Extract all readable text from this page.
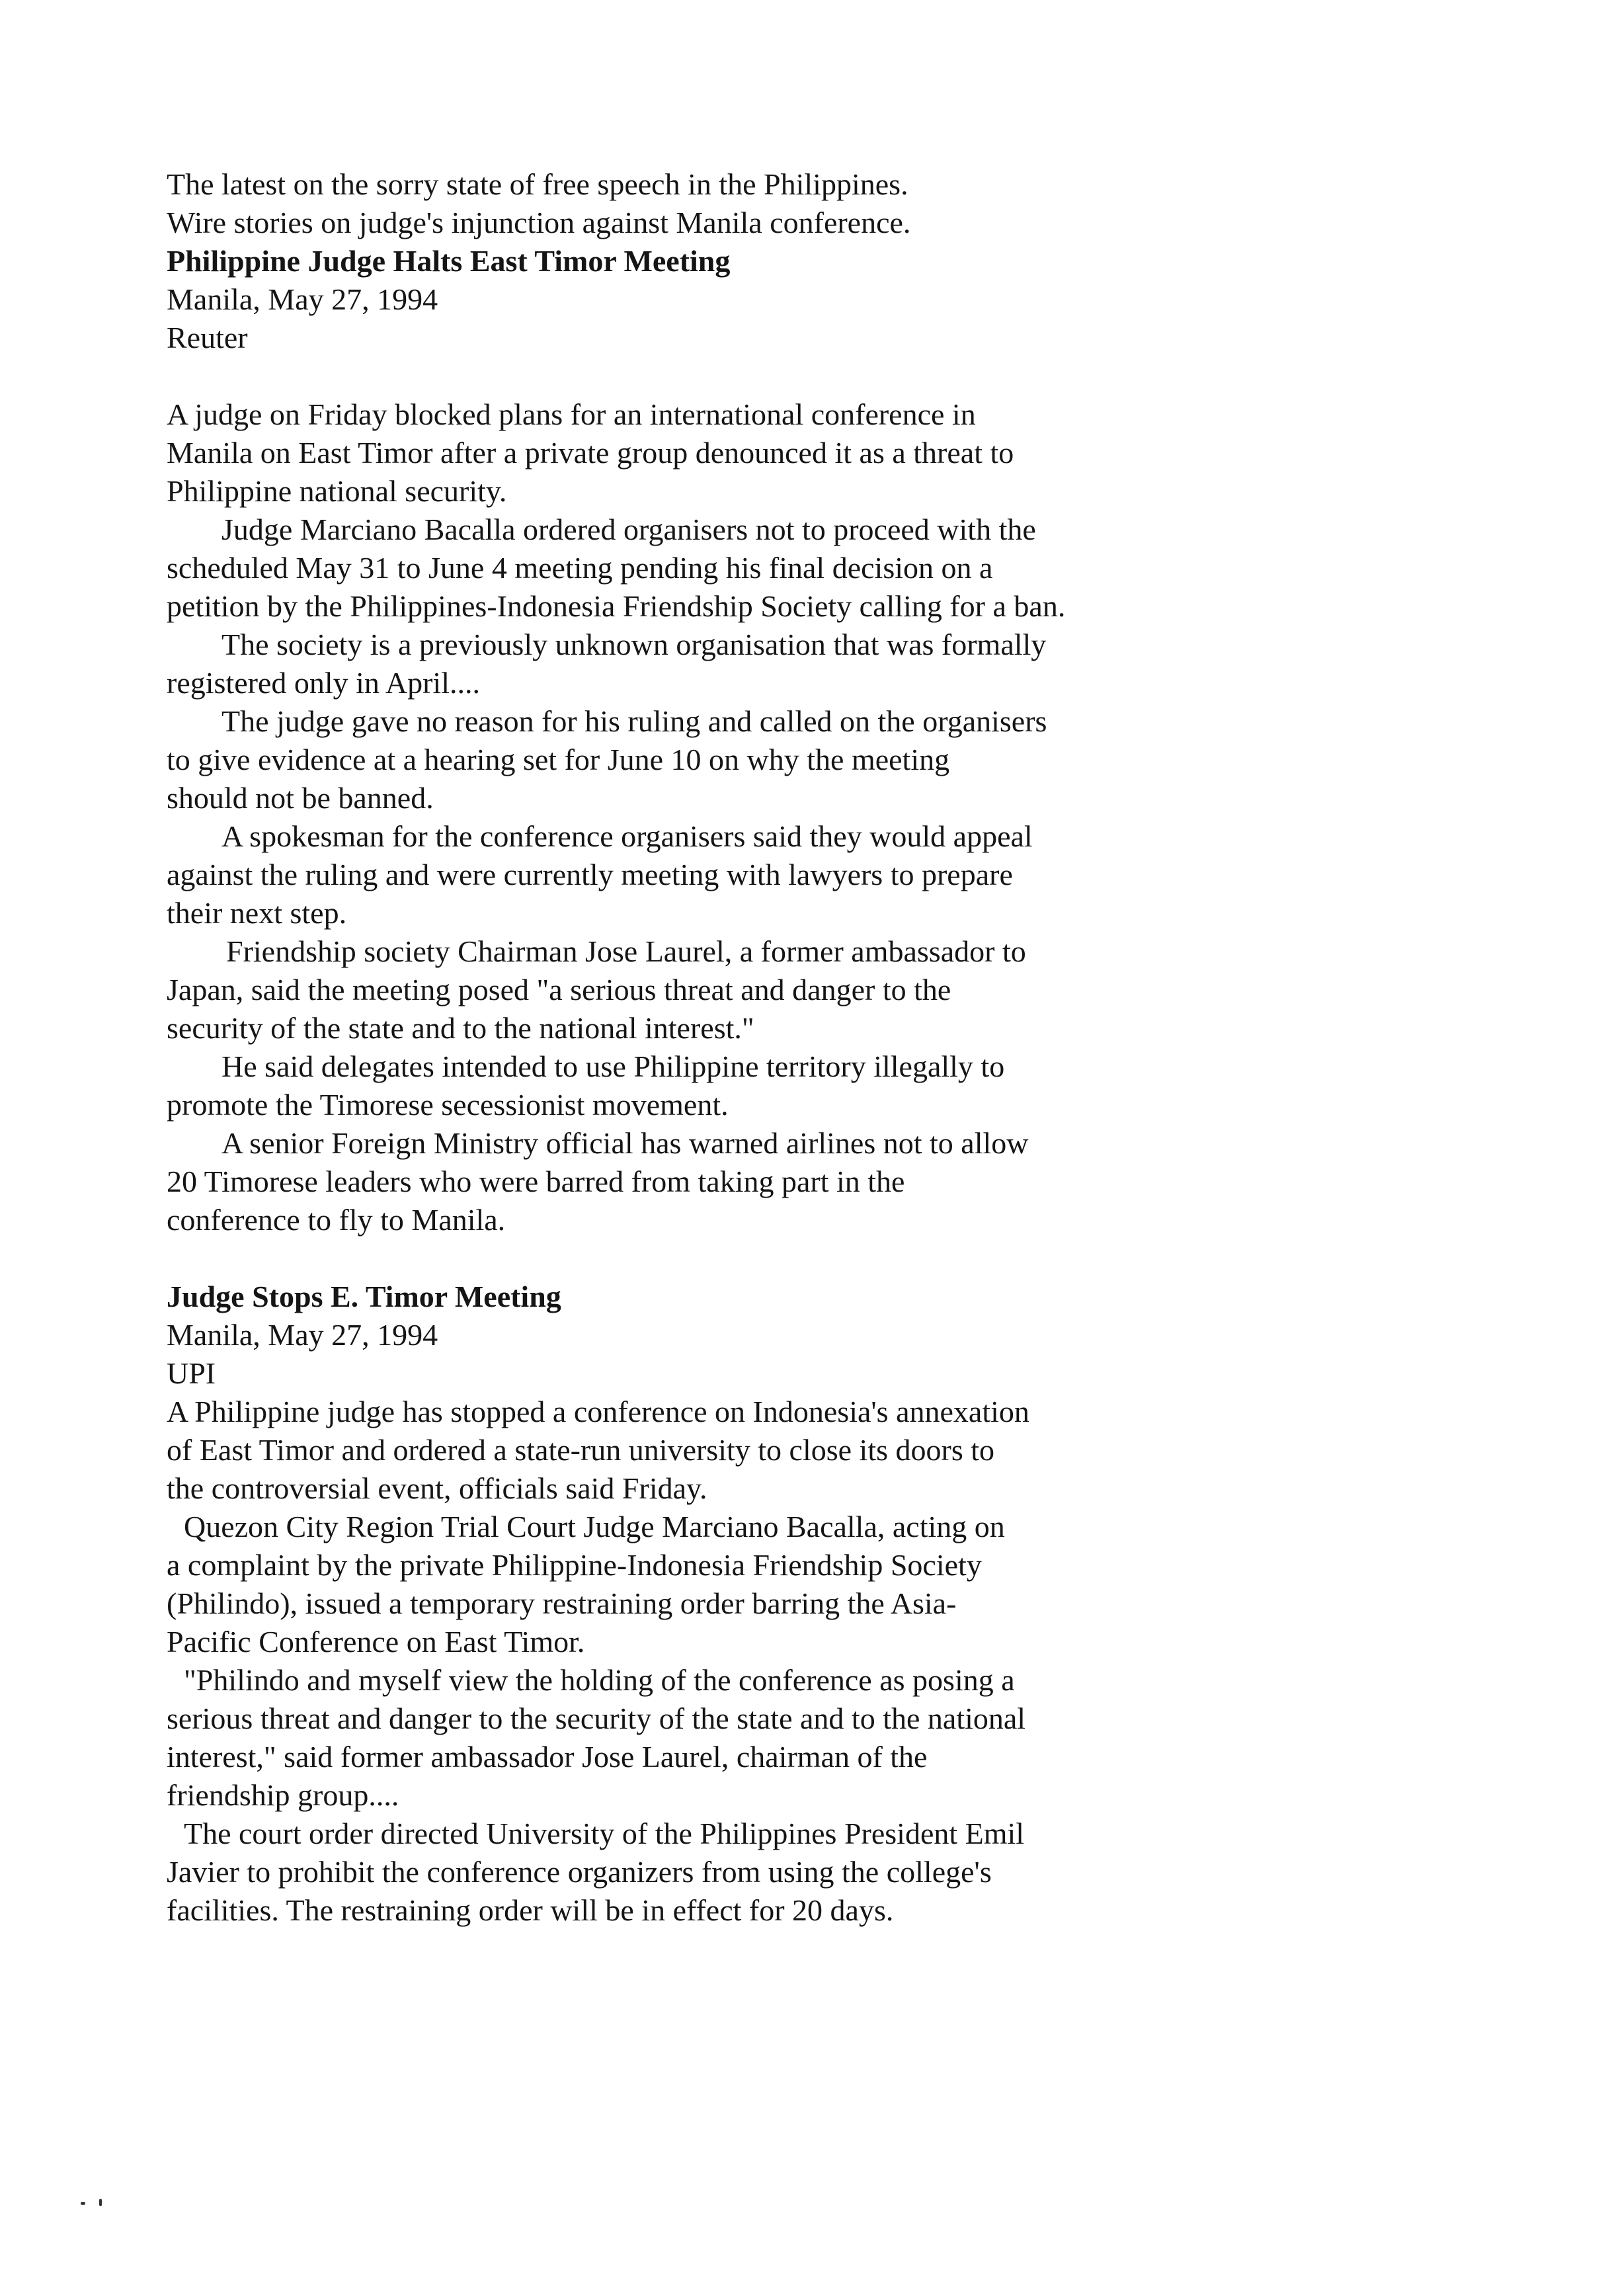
The latest on the sorry state of free speech in the Philippines.
Wire stories on judge's injunction against Manila conference.
Philippine Judge Halts East Timor Meeting
Manila, May 27, 1994
Reuter
A judge on Friday blocked plans for an international conference in
Manila on East Timor after a private group denounced it as a threat to
Philippine national security.
Judge Marciano Bacalla ordered organisers not to proceed with the
scheduled May 31 to June 4 meeting pending his final decision on a
petition by the Philippines-Indonesia Friendship Society calling for a ban.
The society is a previously unknown organisation that was formally
registered only in April....
The judge gave no reason for his ruling and called on the organisers
to give evidence at a hearing set for June 10 on why the meeting
should not be banned.
A spokesman for the conference organisers said they would appeal
against the ruling and were currently meeting with lawyers to prepare
their next step.
Friendship society Chairman Jose Laurel, a former ambassador to
Japan, said the meeting posed "a serious threat and danger to the
security of the state and to the national interest."
He said delegates intended to use Philippine territory illegally to
promote the Timorese secessionist movement.
A senior Foreign Ministry official has warned airlines not to allow
20 Timorese leaders who were barred from taking part in the
conference to fly to Manila.
Judge Stops E. Timor Meeting
Manila, May 27, 1994
UPI
A Philippine judge has stopped a conference on Indonesia's annexation
of East Timor and ordered a state-run university to close its doors to
the controversial event, officials said Friday.
Quezon City Region Trial Court Judge Marciano Bacalla, acting on
a complaint by the private Philippine-Indonesia Friendship Society
(Philindo), issued a temporary restraining order barring the Asia-
Pacific Conference on East Timor.
"Philindo and myself view the holding of the conference as posing a
serious threat and danger to the security of the state and to the national
interest," said former ambassador Jose Laurel, chairman of the
friendship group....
The court order directed University of the Philippines President Emil
Javier to prohibit the conference organizers from using the college's
facilities. The restraining order will be in effect for 20 days.
